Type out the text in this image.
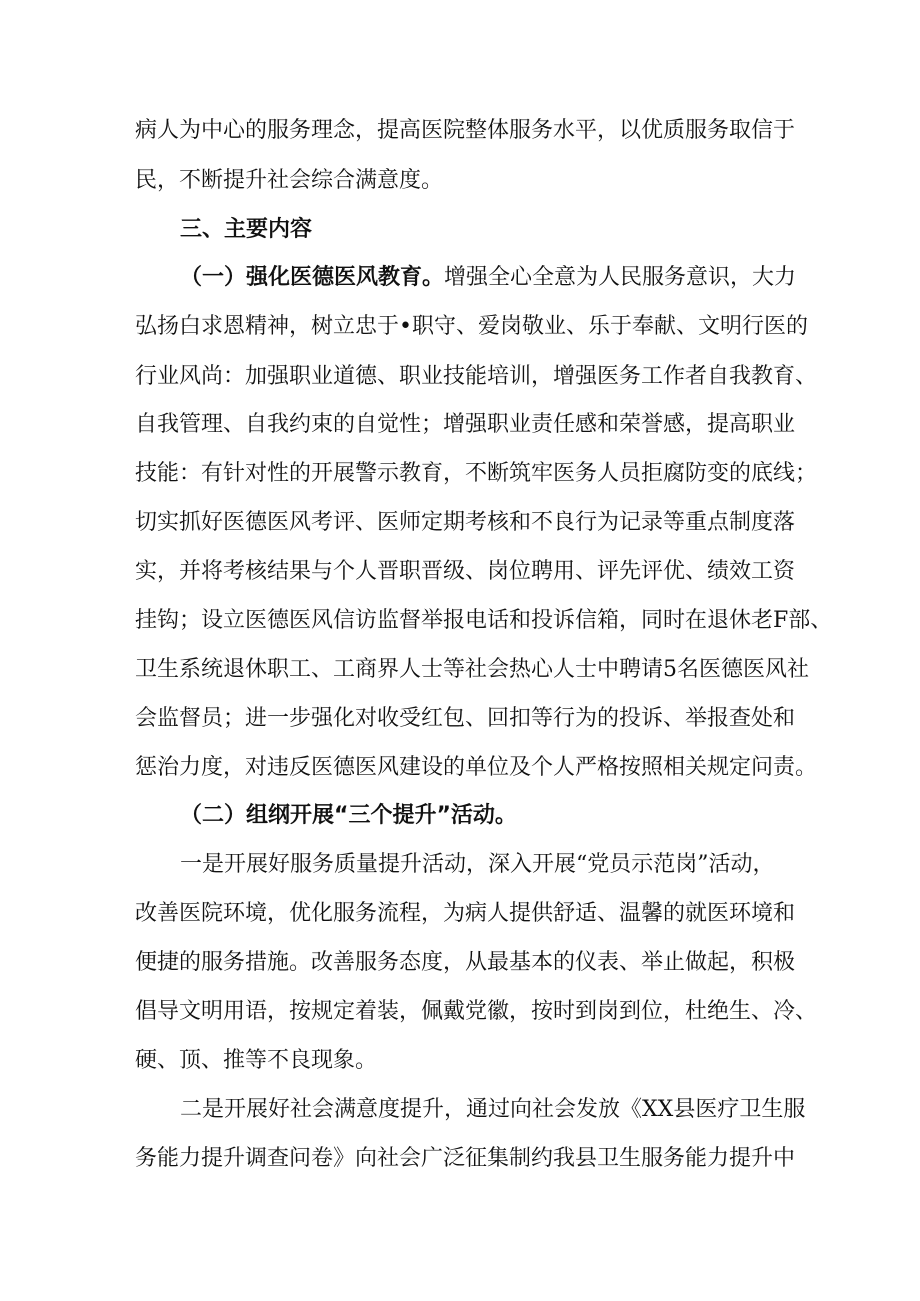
病人为中心的服务理念，提高医院整体服务水平，以优质服务取信于
民，不断提升社会综合满意度。
三、主要内容
（一）强化医德医风教育。增强全心全意为人民服务意识，大力
弘扬白求恩精神，树立忠于•职守、爱岗敬业、乐于奉献、文明行医的
行业风尚：加强职业道德、职业技能培训，增强医务工作者自我教育、
自我管理、自我约束的自觉性；增强职业责任感和荣誉感，提高职业
技能：有针对性的开展警示教育，不断筑牢医务人员拒腐防变的底线；
切实抓好医德医风考评、医师定期考核和不良行为记录等重点制度落
实，并将考核结果与个人晋职晋级、岗位聘用、评先评优、绩效工资
挂钩；设立医德医风信访监督举报电话和投诉信箱，同时在退休老F部、
卫生系统退休职工、工商界人士等社会热心人士中聘请5名医德医风社
会监督员；进一步强化对收受红包、回扣等行为的投诉、举报查处和
惩治力度，对违反医德医风建设的单位及个人严格按照相关规定问责。
（二）组纲开展“三个提升”活动。
一是开展好服务质量提升活动，深入开展“党员示范岗”活动，
改善医院环境，优化服务流程，为病人提供舒适、温馨的就医环境和
便捷的服务措施。改善服务态度，从最基本的仪表、举止做起，积极
倡导文明用语，按规定着装，佩戴党徽，按时到岗到位，杜绝生、冷、
硬、顶、推等不良现象。
二是开展好社会满意度提升，通过向社会发放《XX县医疗卫生服
务能力提升调查问卷》向社会广泛征集制约我县卫生服务能力提升中
